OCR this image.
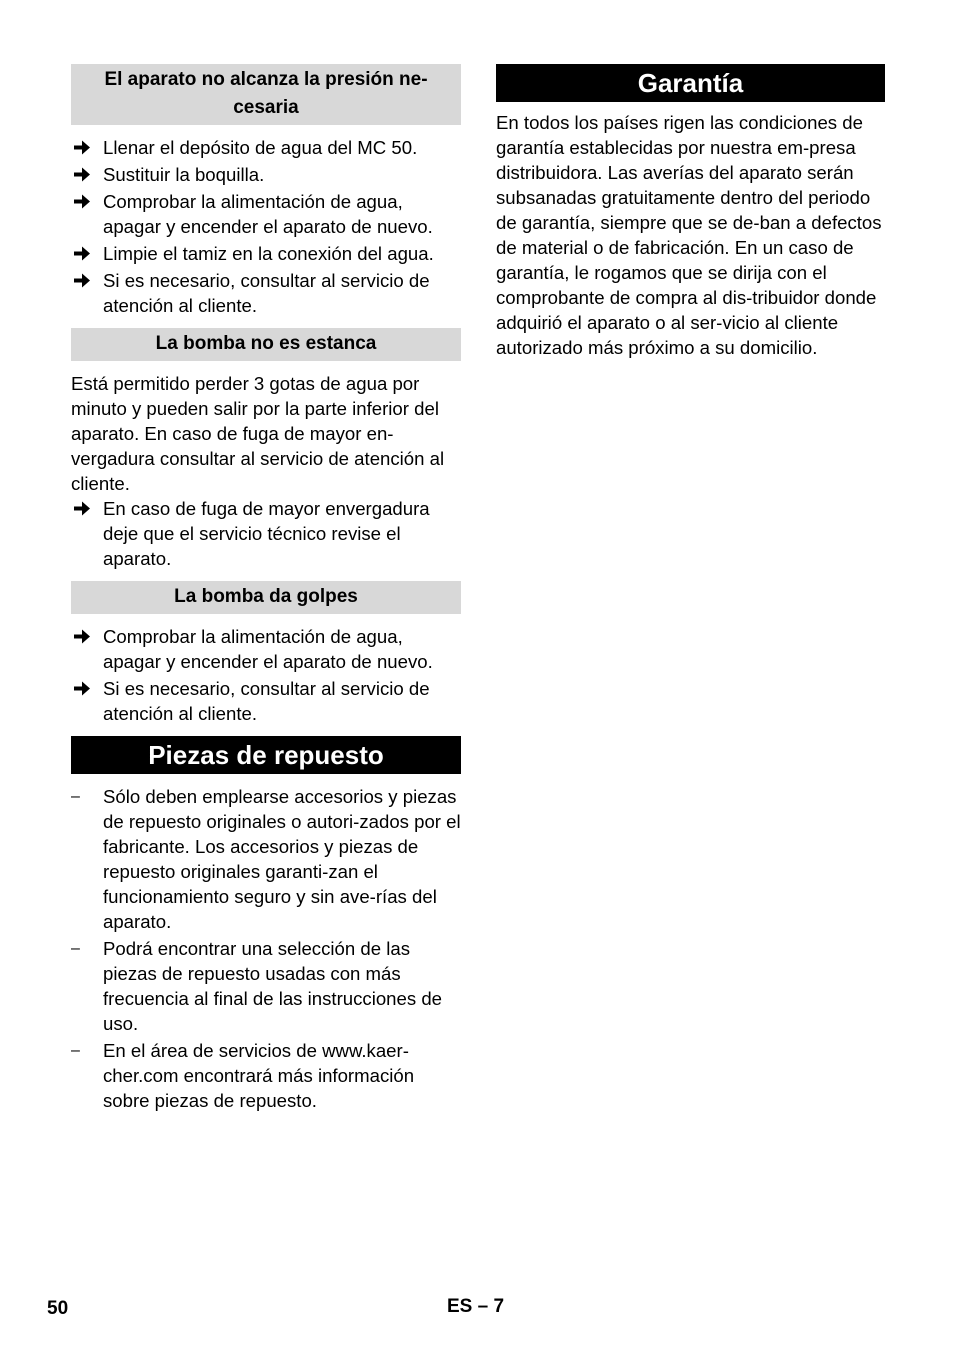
El aparato no alcanza la presión ne-cesaria
Llenar el depósito de agua del MC 50.
Sustituir la boquilla.
Comprobar la alimentación de agua, apagar y encender el aparato de nuevo.
Limpie el tamiz en la conexión del agua.
Si es necesario, consultar al servicio de atención al cliente.
La bomba no es estanca

Está permitido perder 3 gotas de agua por minuto y pueden salir por la parte inferior del aparato. En caso de fuga de mayor en-vergadura consultar al servicio de atención al cliente.

En caso de fuga de mayor envergadura deje que el servicio técnico revise el aparato.
La bomba da golpes
Comprobar la alimentación de agua, apagar y encender el aparato de nuevo.
Si es necesario, consultar al servicio de atención al cliente.
Piezas de repuesto
– Sólo deben emplearse accesorios y piezas de repuesto originales o autori-zados por el fabricante. Los accesorios y piezas de repuesto originales garanti-zan el funcionamiento seguro y sin ave-rías del aparato.
– Podrá encontrar una selección de las piezas de repuesto usadas con más frecuencia al final de las instrucciones de uso.
– En el área de servicios de www.kaer-cher.com encontrará más información sobre piezas de repuesto.
Garantía

En todos los países rigen las condiciones de garantía establecidas por nuestra em-presa distribuidora. Las averías del aparato serán subsanadas gratuitamente dentro del periodo de garantía, siempre que se de-ban a defectos de material o de fabricación. En un caso de garantía, le rogamos que se dirija con el comprobante de compra al dis-tribuidor donde adquirió el aparato o al ser-vicio al cliente autorizado más próximo a su domicilio.

50	ES – 7
